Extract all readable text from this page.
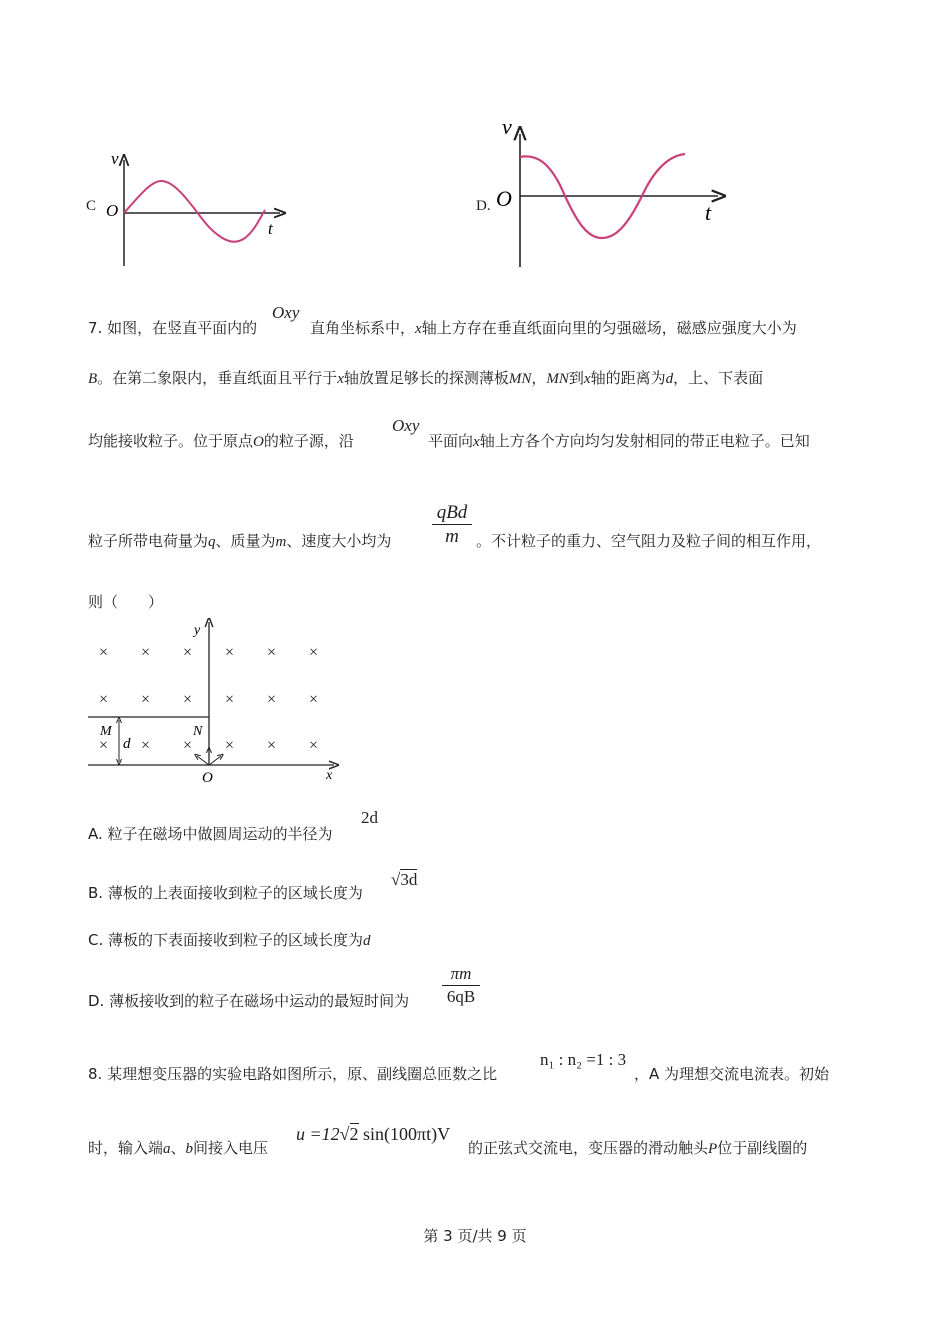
C
v
t
O	D.
v
t
O
7. 如图，在竖直平面内的
Oxy
直角坐标系中，x轴上方存在垂直纸面向里的匀强磁场，磁感应强度大小为
B。在第二象限内，垂直纸面且平行于x轴放置足够长的探测薄板MN，MN到x轴的距离为d，上、下表面
均能接收粒子。位于原点O的粒子源，沿
Oxy
平面向x轴上方各个方向均匀发射相同的带正电粒子。已知
粒子所带电荷量为q、质量为m、速度大小均为
qBd
m	。不计粒子的重力、空气阻力及粒子间的相互作用，
则（　　）
× × × × × ×
× × × × × ×
× × × × × ×
y
x
O
M	N
d
A. 粒子在磁场中做圆周运动的半径为
2d
B. 薄板的上表面接收到粒子的区域长度为
√3d
C. 薄板的下表面接收到粒子的区域长度为d
D. 薄板接收到的粒子在磁场中运动的最短时间为 $\frac{\pi m}{6qB}$
8. 某理想变压器的实验电路如图所示，原、副线圈总匝数之比
n₁ : n₂ =1 : 3
，A 为理想交流电流表。初始
时，输入端a、b间接入电压
u =12√2 sin(100πt)V
的正弦式交流电，变压器的滑动触头P位于副线圈的
第 3 页/共 9 页
